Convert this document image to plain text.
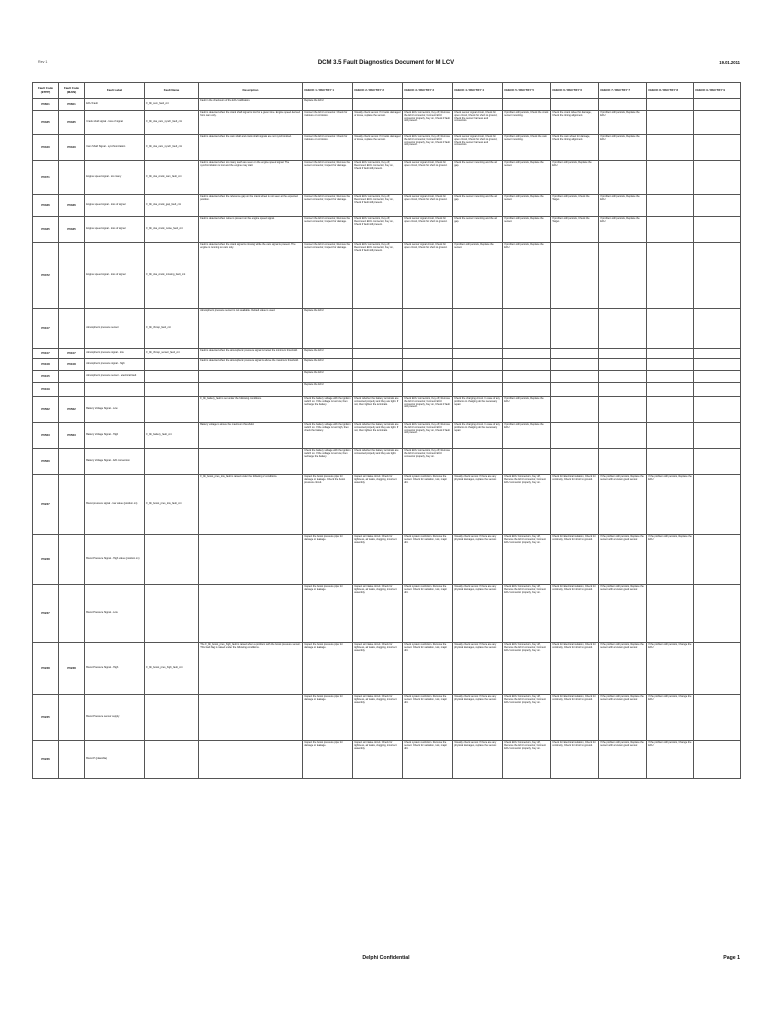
Rev 1	DCM 3.5 Fault Diagnostics Document for M LCV	19.01.2011
Fault Code (ETPP)	Fault Code (MAIN)	Fault Label	Fault Name	Description	CHECK 1 / RECTIFY 1	CHECK 2 / RECTIFY 2	CHECK 3 / RECTIFY 3	CHECK 4 / RECTIFY 4	CHECK 5 / RECTIFY 5	CHECK 6 / RECTIFY 6	CHECK 7 / RECTIFY 7	CHECK 8 / RECTIFY 8	CHECK 9 / RECTIFY 9
P0601	P0601	ECU Fault	F_fdi_sum_fault_cnt	Fault in the checksum of the ECU calibration.	Replace the ECU								
P0335	P0335	Crank shaft signal - loss of signal	F_fdi_cka_cam_synch_fault_cnt	Fault is detected when the crank shaft signal is lost for a given time. Engine speed derived from cam only.	Connect the ECU connector. Check for moisture or corrosion.	Visually check sensor. If it looks damaged or loose, replace the sensor.	Check ECU connectors, Key off, Remove the ECU connector, Connect ECU connector properly, Key on, Check if fault still present.	Check sensor signal circuit, Check for open circuit, Check for short to ground, Check the sensor harness and connectors.	If problem still persists, Check the crank sensor mounting.	Check the crank wheel for damage, Check the timing alignment.	If problem still persists, Replace the ECU		
P0340	P0340	Cam Shaft Signal - synchronization	F_fdi_cka_cam_synch_fault_cnt	Fault is detected when the cam shaft and crank shaft signals are not synchronized.	Connect the ECU connector. Check for moisture or corrosion.	Visually check sensor. If it looks damaged or loose, replace the sensor.	Check ECU connectors, Key off, Remove the ECU connector, Connect ECU connector properly, Key on, Check if fault still present.	Check sensor signal circuit, Check for open circuit, Check for short to ground, Check the sensor harness and connectors.	If problem still persists, Check the cam sensor mounting.	Check the cam wheel for damage, Check the timing alignment.	If problem still persists, Replace the ECU		
P0371		Engine speed signal - too many	F_fdi_cka_crank_cam_fault_cnt	Fault is detected when too many teeth are seen on the engine speed signal. The synchronization is lost and the engine may stall.	Connect the ECU connector, Remove the sensor connector, Inspect for damage.	Check ECU connectors, Key off, Reconnect ECU connector, Key on, Check if fault still present.	Check sensor signal circuit, Check for open circuit, Check for short to ground.	Check the sensor mounting and the air gap.	If problem still persists, Replace the sensor.	If problem still persists, Replace the ECU			
P0336	P0336	Engine speed signal - loss of signal	F_fdi_cka_crank_gap_fault_cnt	Fault is detected when the reference gap on the crank wheel is not seen at the expected position.	Connect the ECU connector, Remove the sensor connector, Inspect for damage.	Check ECU connectors, Key off, Reconnect ECU connector, Key on, Check if fault still present.	Check sensor signal circuit, Check for open circuit, Check for short to ground.	Check the sensor mounting and the air gap.	If problem still persists, Replace the sensor.	If problem still persists, Check the Target.	If problem still persists, Replace the ECU		
P0335	P0335	Engine speed signal - loss of signal	F_fdi_cka_crank_noise_fault_cnt	Fault is detected when noise is present on the engine speed signal.	Connect the ECU connector, Remove the sensor connector, Inspect for damage.	Check ECU connectors, Key off, Reconnect ECU connector, Key on, Check if fault still present.	Check sensor signal circuit, Check for open circuit, Check for short to ground.	Check the sensor mounting and the air gap.	If problem still persists, Replace the sensor.	If problem still persists, Check the Target.	If problem still persists, Replace the ECU		
P0372		Engine speed signal - loss of signal	F_fdi_cka_crank_missing_fault_cnt	Fault is detected when the crank signal is missing while the cam signal is present. The engine is running on cam only.	Connect the ECU connector, Remove the sensor connector, Inspect for damage.	Check ECU connectors, Key off, Reconnect ECU connector, Key on, Check if fault still present.	Check sensor signal circuit, Check for open circuit, Check for short to ground.	If problem still persists, Replace the sensor.	If problem still persists, Replace the ECU				
P0107		Atmospheric pressure sensor	F_fdi_thmsp_fault_cnt	Atmospheric pressure sensor is not available. Default value is used.	Replace the ECU								
P0107	P0107	Atmospheric pressure signal - low	F_fdi_thmsp_sensor_fault_cnt	Fault is detected when the atmospheric pressure signal is below the minimum threshold.	Replace the ECU								
P0108	P0108	Atmospheric pressure signal - high		Fault is detected when the atmospheric pressure signal is above the maximum threshold.	Replace the ECU								
P0105		Atmospheric pressure sensor - electrical fault			Replace the ECU								
P0109					Replace the ECU								
P0562	P0562	Battery Voltage Signal - Low		F_fdi_battery_fault is set under the following conditions.	Check the battery voltage with the ignition switch on. If the voltage is too low, then recharge the battery.	Check whether the battery terminals are connected properly and they are tight. If not, then tighten the terminals.	Check ECU connectors, Key off, Remove the ECU connector, Connect ECU connector properly, Key on, Check if fault still present.	Check the charging circuit. In case of any problems in charging do the necessary repair.	If problem still persists, Replace the ECU				
P0563	P0563	Battery Voltage Signal - High	F_fdi_battery_fault_cnt	Battery voltage is above the maximum threshold.	Check the battery voltage with the ignition switch on. If the voltage is too high, then check the battery.	Check whether the battery terminals are connected properly and they are tight. If not, then tighten the terminals.	Check ECU connectors, Key off, Remove the ECU connector, Connect ECU connector properly, Key on, Check if fault still present.	Check the charging circuit. In case of any problems in charging do the necessary repair.	If problem still persists, Replace the ECU				
P0560		Battery Voltage Signal - A/D conversion			Check the battery voltage with the ignition switch on. If the voltage is too low, then recharge the battery.	Check whether the battery terminals are connected properly and they are tight.	Check ECU connectors, Key off, Remove the ECU connector, Connect ECU connector properly, Key on.						
P0237		Boost pressure signal - low value (position on)	F_fdi_boost_pres_low_fault_cnt	F_fdi_boost_pres_low_fault is raised under the following 2 conditions.	Inspect the boost pressure pipe for damage or leakage. Check the boost pressure circuit.	Inspect air intake circuit. Check for tightness, air leaks, clogging, incorrect assembly.	Check system restriction. Remove the sensor. Check for variation, rust, major dirt.	Visually check sensor. If there are any physical damages, replace the sensor.	Check ECU Connectors, Key off, Remove the ECU connector, Connect ECU connector properly, Key on.	Check for Electrical isolation, Check for continuity, Check for short to ground.	If the problem still persists, Replace the sensor with a known good sensor.	If the problem still persists, Replace the ECU	
P0238		Boost Pressure Signal - High value (position on)			Inspect the boost pressure pipe for damage or leakage.	Inspect air intake circuit. Check for tightness, air leaks, clogging, incorrect assembly.	Check system restriction. Remove the sensor. Check for variation, rust, major dirt.	Visually check sensor. If there are any physical damages, replace the sensor.	Check ECU Connectors, Key off, Remove the ECU connector, Connect ECU connector properly, Key on.	Check for Electrical isolation, Check for continuity, Check for short to ground.	If the problem still persists, Replace the sensor with a known good sensor.	If the problem still persists, Replace the ECU	
P0237		Boost Pressure Signal - Low			Inspect the boost pressure pipe for damage or leakage.	Inspect air intake circuit. Check for tightness, air leaks, clogging, incorrect assembly.	Check system restriction. Remove the sensor. Check for variation, rust, major dirt.	Visually check sensor. If there are any physical damages, replace the sensor.	Check ECU Connectors, Key off, Remove the ECU connector, Connect ECU connector properly, Key on.	Check for Electrical isolation, Check for continuity, Check for short to ground.	If the problem still persists, Replace the sensor with a known good sensor.		
P0238	P0238	Boost Pressure Signal - High	F_fdi_boost_pres_high_fault_cnt	The F_fdi_boost_pres_high_fault is raised when a problem with the boost pressure sensor. This fault flag is raised under the following conditions.	Inspect the boost pressure pipe for damage or leakage.	Inspect air intake circuit. Check for tightness, air leaks, clogging, incorrect assembly.	Check system restriction. Remove the sensor. Check for variation, rust, major dirt.	Visually check sensor. If there are any physical damages, replace the sensor.	Check ECU Connectors, Key off, Remove the ECU connector, Connect ECU connector properly, Key on.	Check for Electrical isolation, Check for continuity, Check for short to ground.	If the problem still persists, Replace the sensor with a known good sensor.	If the problem still persists, Change the ECU	
P0235		Boost Pressure sensor supply			Inspect the boost pressure pipe for damage or leakage.	Inspect air intake circuit. Check for tightness, air leaks, clogging, incorrect assembly.	Check system restriction. Remove the sensor. Check for variation, rust, major dirt.	Visually check sensor. If there are any physical damages, replace the sensor.	Check ECU Connectors, Key off, Remove the ECU connector, Connect ECU connector properly, Key on.	Check for Electrical isolation, Check for continuity, Check for short to ground.	If the problem still persists, Replace the sensor with a known good sensor.	If the problem still persists, Change the ECU	
P0236		Boost P (plausible)			Inspect the boost pressure pipe for damage or leakage.	Inspect air intake circuit. Check for tightness, air leaks, clogging, incorrect assembly.	Check system restriction. Remove the sensor. Check for variation, rust, major dirt.	Visually check sensor. If there are any physical damages, replace the sensor.	Check ECU Connectors, Key off, Remove the ECU connector, Connect ECU connector properly, Key on.	Check for Electrical isolation, Check for continuity, Check for short to ground.	If the problem still persists, Replace the sensor with a known good sensor.	If the problem still persists, Change the ECU	
Delphi Confidential	Page 1
